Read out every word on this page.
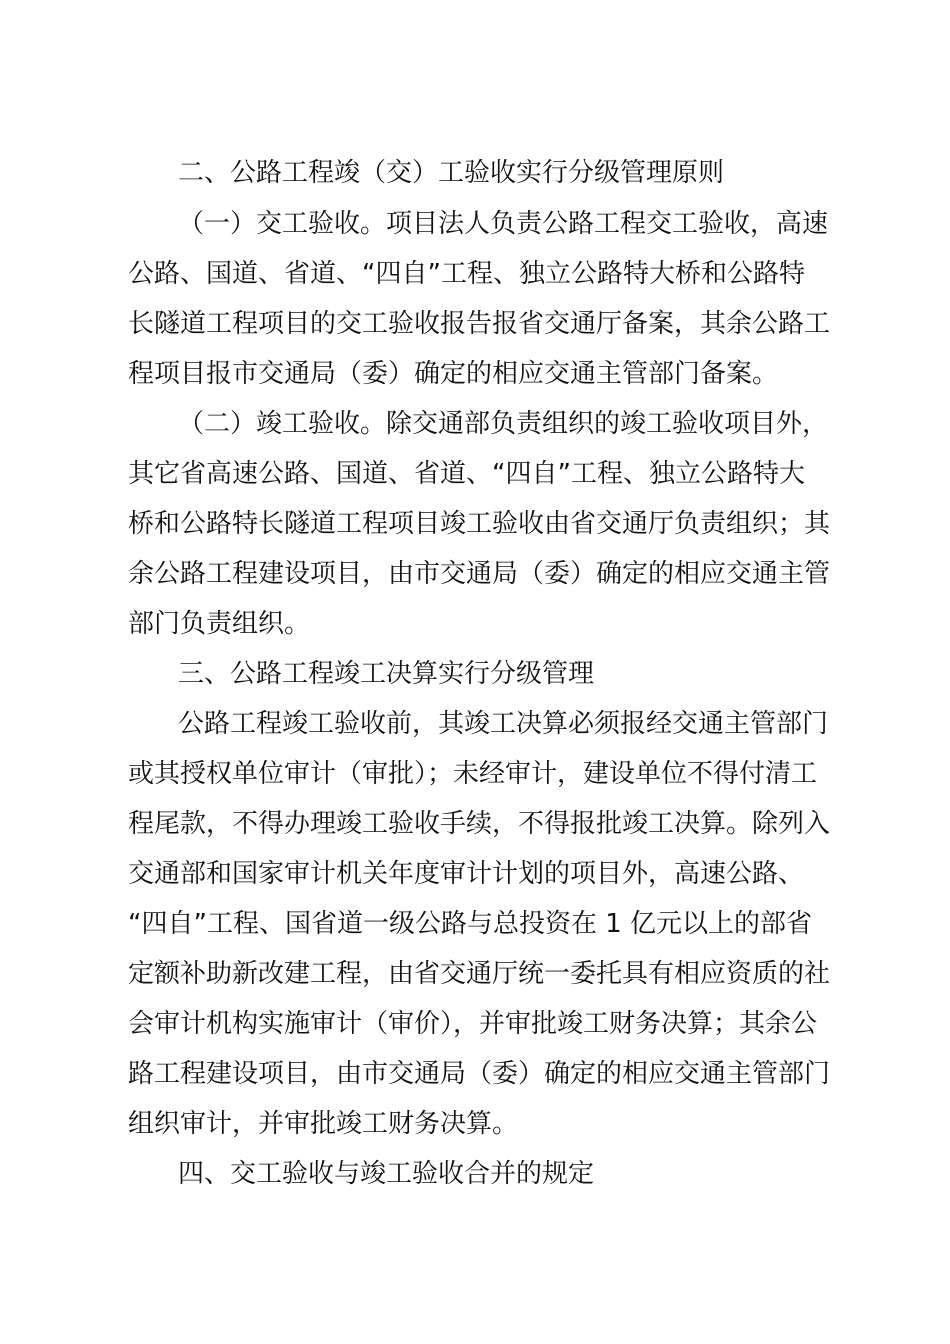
二、公路工程竣（交）工验收实行分级管理原则
（一）交工验收。项目法人负责公路工程交工验收，高速
公路、国道、省道、“四自”工程、独立公路特大桥和公路特
长隧道工程项目的交工验收报告报省交通厅备案，其余公路工
程项目报市交通局（委）确定的相应交通主管部门备案。
（二）竣工验收。除交通部负责组织的竣工验收项目外，
其它省高速公路、国道、省道、“四自”工程、独立公路特大
桥和公路特长隧道工程项目竣工验收由省交通厅负责组织；其
余公路工程建设项目，由市交通局（委）确定的相应交通主管
部门负责组织。
三、公路工程竣工决算实行分级管理
公路工程竣工验收前，其竣工决算必须报经交通主管部门
或其授权单位审计（审批）；未经审计，建设单位不得付清工
程尾款，不得办理竣工验收手续，不得报批竣工决算。除列入
交通部和国家审计机关年度审计计划的项目外，高速公路、
“四自”工程、国省道一级公路与总投资在 1 亿元以上的部省
定额补助新改建工程，由省交通厅统一委托具有相应资质的社
会审计机构实施审计（审价），并审批竣工财务决算；其余公
路工程建设项目，由市交通局（委）确定的相应交通主管部门
组织审计，并审批竣工财务决算。
四、交工验收与竣工验收合并的规定
